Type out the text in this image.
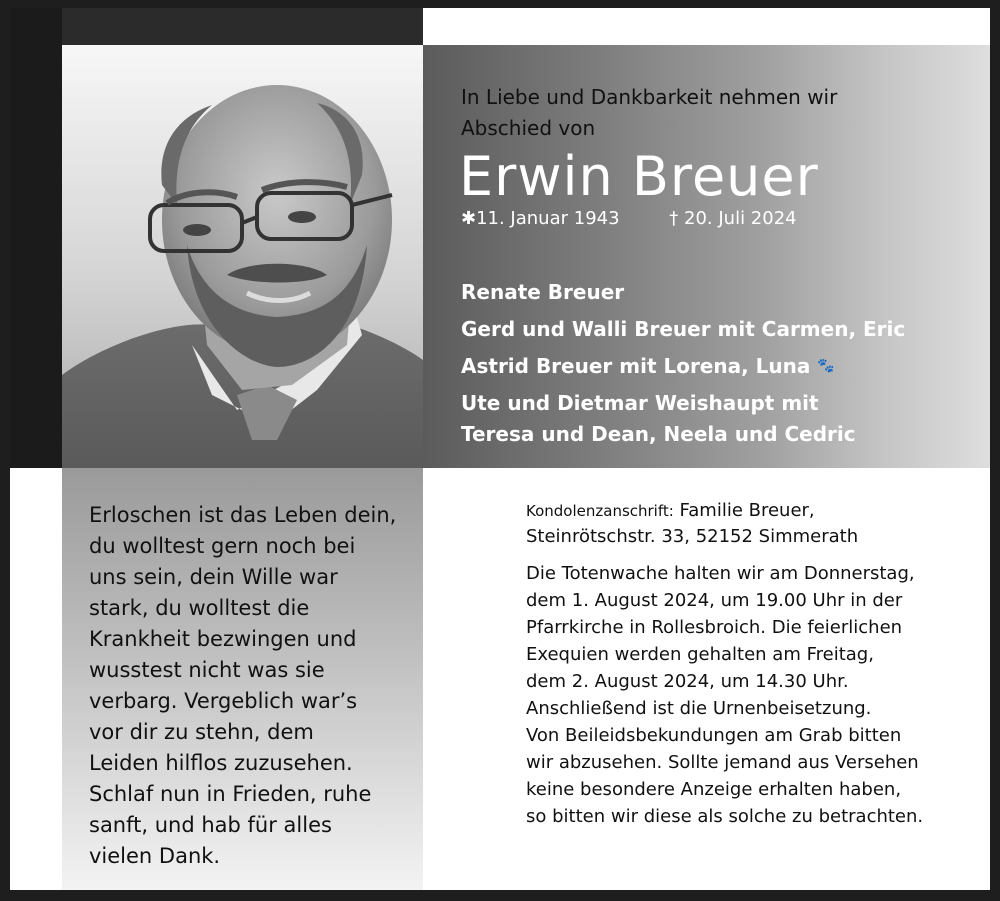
In Liebe und Dankbarkeit nehmen wir
Abschied von
Erwin Breuer
✱11. Januar 1943	† 20. Juli 2024
Renate Breuer
Gerd und Walli Breuer mit Carmen, Eric
Astrid Breuer mit Lorena, Luna 🐾
Ute und Dietmar Weishaupt mit
Teresa und Dean, Neela und Cedric
Erloschen ist das Leben dein,
du wolltest gern noch bei
uns sein, dein Wille war
stark, du wolltest die
Krankheit bezwingen und
wusstest nicht was sie
verbarg. Vergeblich war’s
vor dir zu stehn, dem
Leiden hilflos zuzusehen.
Schlaf nun in Frieden, ruhe
sanft, und hab für alles
vielen Dank.
Kondolenzanschrift: Familie Breuer,
Steinrötschstr. 33, 52152 Simmerath
Die Totenwache halten wir am Donnerstag,
dem 1. August 2024, um 19.00 Uhr in der
Pfarrkirche in Rollesbroich. Die feierlichen
Exequien werden gehalten am Freitag,
dem 2. August 2024, um 14.30 Uhr.
Anschließend ist die Urnenbeisetzung.
Von Beileidsbekundungen am Grab bitten
wir abzusehen. Sollte jemand aus Versehen
keine besondere Anzeige erhalten haben,
so bitten wir diese als solche zu betrachten.
